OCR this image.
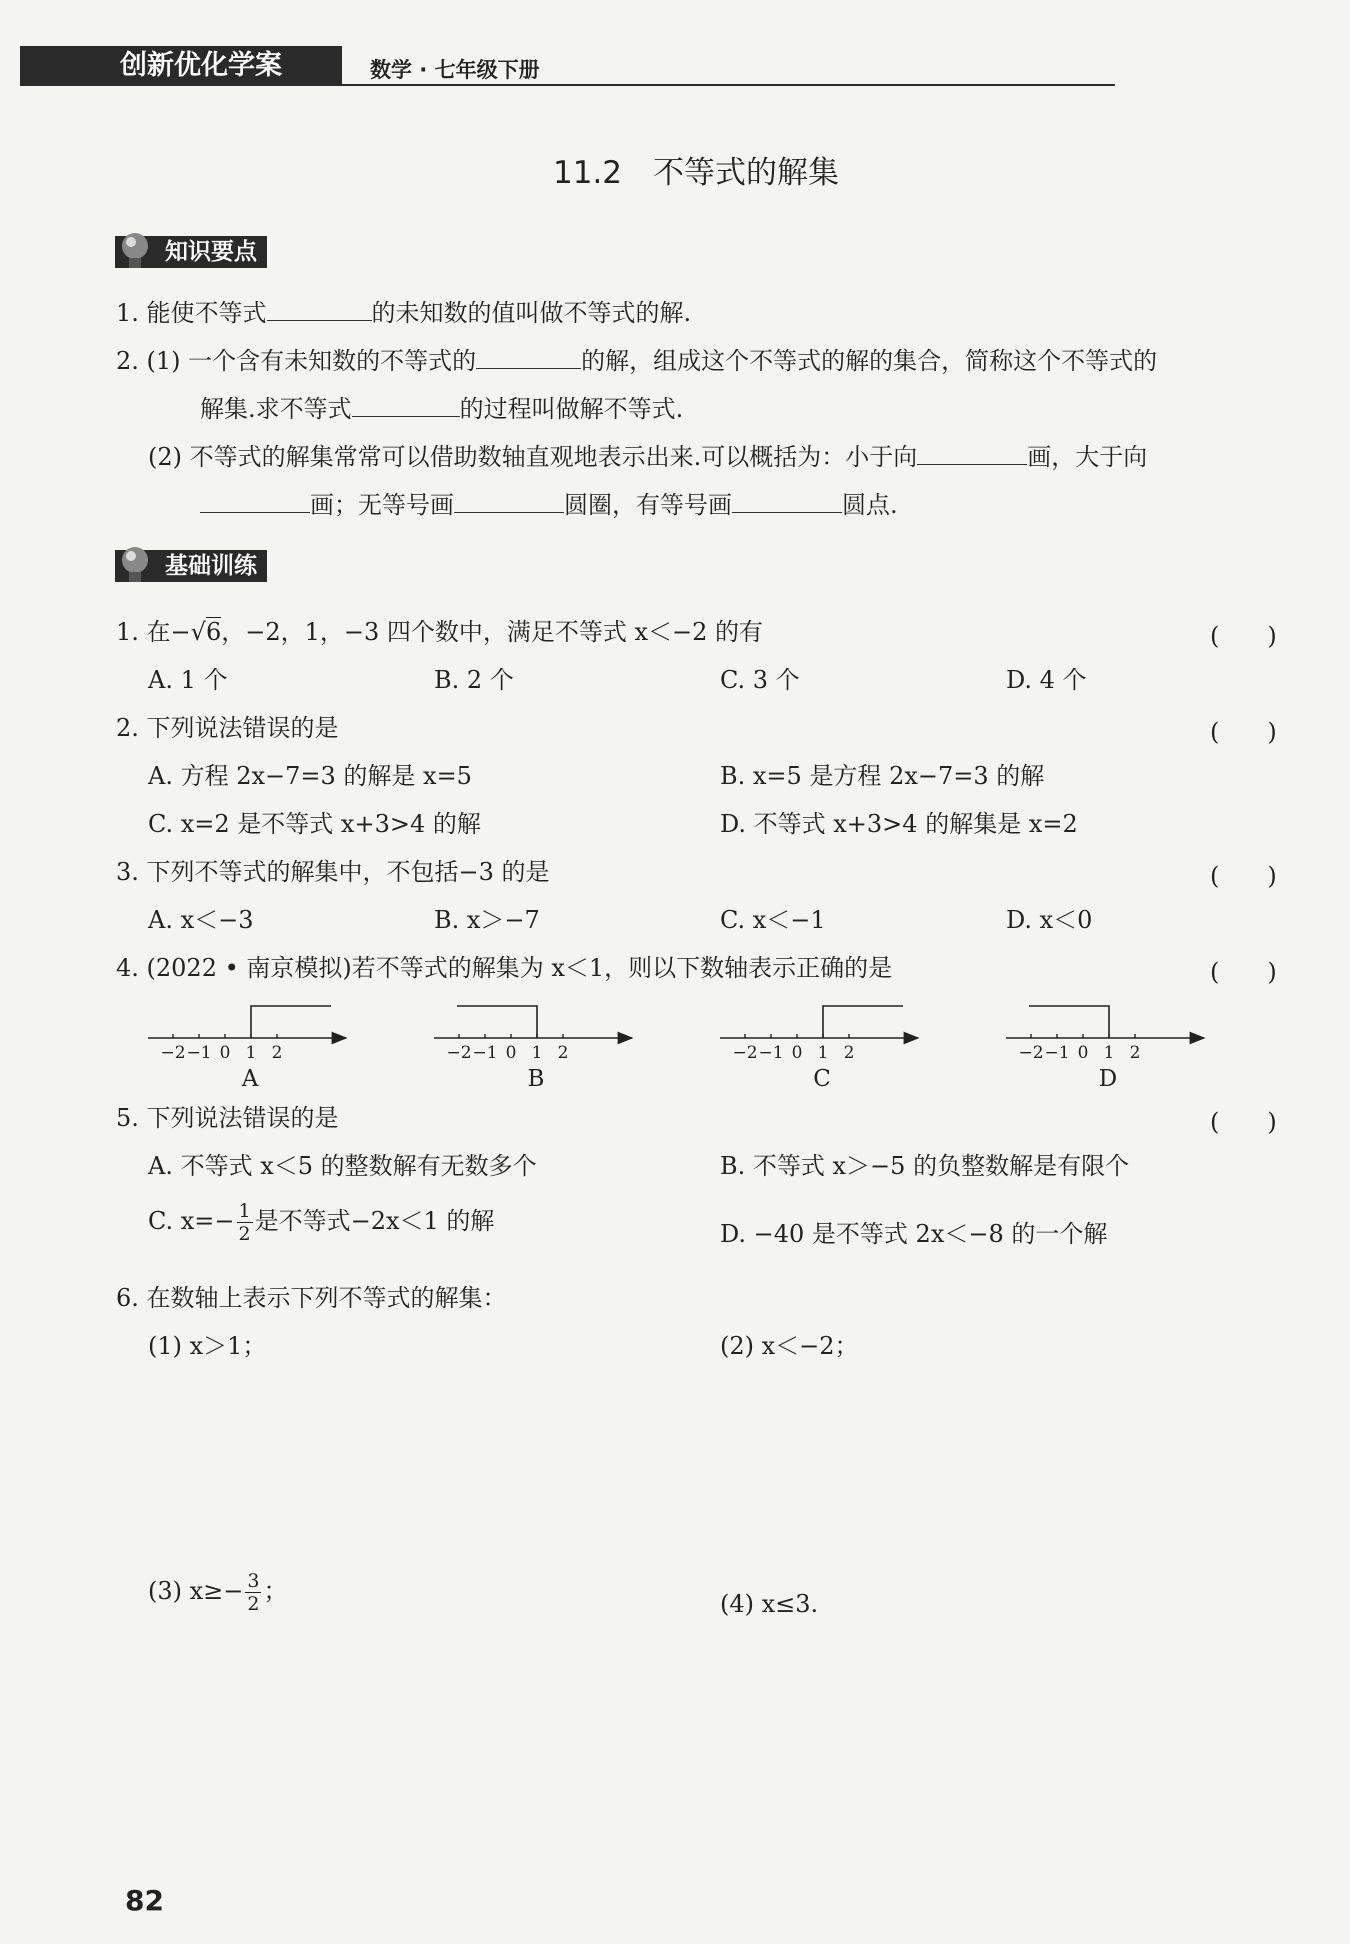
创新优化学案	数学 · 七年级下册
11.2　不等式的解集
知识要点
1. 能使不等式	的未知数的值叫做不等式的解.
2. (1) 一个含有未知数的不等式的	的解，组成这个不等式的解的集合，简称这个不等式的
解集.求不等式	的过程叫做解不等式.
(2) 不等式的解集常常可以借助数轴直观地表示出来.可以概括为：小于向	画，大于向
画；无等号画	圆圈，有等号画	圆点.
基础训练
1. 在−√6，−2，1，−3 四个数中，满足不等式 x＜−2 的有	(　　)
A. 1 个	B. 2 个	C. 3 个	D. 4 个
2. 下列说法错误的是	(　　)
A. 方程 2x−7=3 的解是 x=5	B. x=5 是方程 2x−7=3 的解
C. x=2 是不等式 x+3>4 的解	D. 不等式 x+3>4 的解集是 x=2
3. 下列不等式的解集中，不包括−3 的是	(　　)
A. x＜−3	B. x＞−7	C. x＜−1	D. x＜0
4. (2022 • 南京模拟)若不等式的解集为 x＜1，则以下数轴表示正确的是	(　　)
−2 −1 0 1 2
A
−2 −1 0 1 2
B
−2 −1 0 1 2
C
−2 −1 0 1 2
D
5. 下列说法错误的是	(　　)
A. 不等式 x＜5 的整数解有无数多个	B. 不等式 x＞−5 的负整数解是有限个
C. $x=- \frac{1}{2}$ 是不等式−2x＜1 的解	D. −40 是不等式 2x＜−8 的一个解
6. 在数轴上表示下列不等式的解集：
(1) x＞1；	(2) x＜−2；
(3) $x\ge- \frac{3}{2}$ ；	(4) x≤3.
82
